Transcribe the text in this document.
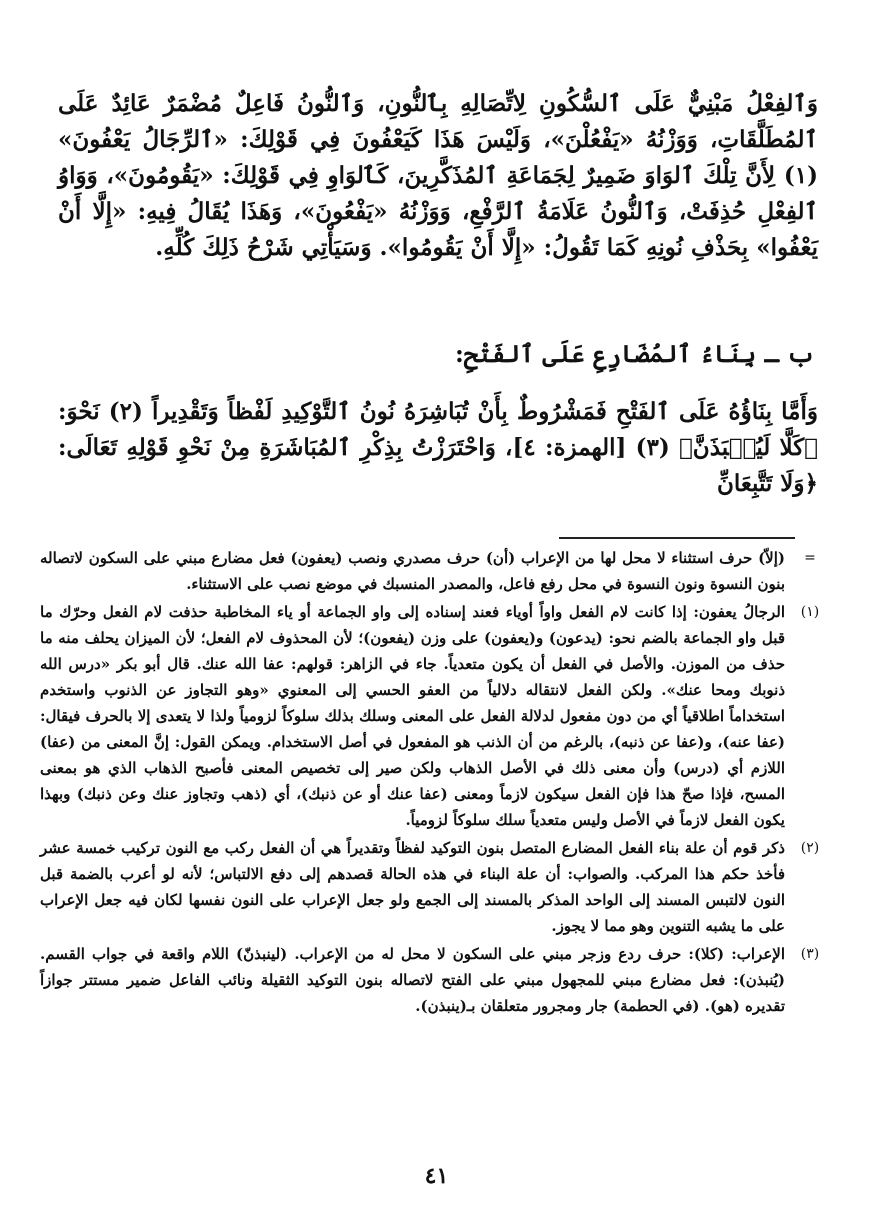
وَٱلفِعْلُ مَبْنِيٌّ عَلَى ٱلسُّكُونِ لِاتِّصَالِهِ بِٱلنُّونِ، وَٱلنُّونُ فَاعِلٌ مُضْمَرٌ عَائِدٌ عَلَى ٱلمُطَلَّقَاتِ، وَوَزْنُهُ «يَفْعُلْنَ»، وَلَيْسَ هَذَا كَيَعْفُونَ فِي قَوْلِكَ: «ٱلرِّجَالُ يَعْفُونَ» (١) لِأَنَّ تِلْكَ ٱلوَاوَ ضَمِيرٌ لِجَمَاعَةِ ٱلمُذَكَّرِينَ، كَٱلوَاوِ فِي قَوْلِكَ: «يَقُومُونَ»، وَوَاوُ ٱلفِعْلِ حُذِفَتْ، وَٱلنُّونُ عَلَامَةُ ٱلرَّفْعِ، وَوَزْنُهُ «يَفْعُونَ»، وَهَذَا يُقَالُ فِيهِ: «إِلَّا أَنْ يَعْفُوا» بِحَذْفِ نُونِهِ كَمَا تَقُولُ: «إِلَّا أَنْ يَقُومُوا». وَسَيَأْتِي شَرْحُ ذَلِكَ كُلِّهِ.

ب ـ بِنَاءُ ٱلمُضَارِعِ عَلَى ٱلفَتْحِ:
وَأَمَّا بِنَاؤُهُ عَلَى ٱلفَتْحِ فَمَشْرُوطٌ بِأَنْ تُبَاشِرَهُ نُونُ ٱلتَّوْكِيدِ لَفْظاً وَتَقْدِيراً (٢) نَحْوَ: ﴿كَلَّا لَيُنۢبَذَنَّ﴾ (٣) [الهمزة: ٤]، وَاحْتَرَزْتُ بِذِكْرِ ٱلمُبَاشَرَةِ مِنْ نَحْوِ قَوْلِهِ تَعَالَى: ﴿وَلَا تَتَّبِعَانِّ
=
(إلاّ) حرف استثناء لا محل لها من الإعراب (أن) حرف مصدري ونصب (يعفون) فعل مضارع مبني على السكون لاتصاله بنون النسوة ونون النسوة في محل رفع فاعل، والمصدر المنسبك في موضع نصب على الاستثناء.
(١)
الرجالُ يعفون: إذا كانت لام الفعل واواً أوياء فعند إسناده إلى واو الجماعة أو ياء المخاطبة حذفت لام الفعل وحرّك ما قبل واو الجماعة بالضم نحو: (يدعون) و(يعفون) على وزن (يفعون)؛ لأن المحذوف لام الفعل؛ لأن الميزان يحلف منه ما حذف من الموزن. والأصل في الفعل أن يكون متعدياً. جاء في الزاهر: قولهم: عفا الله عنك. قال أبو بكر «درس الله ذنوبك ومحا عنك». ولكن الفعل لانتقاله دلالياً من العفو الحسي إلى المعنوي «وهو التجاوز عن الذنوب واستخدم استخداماً اطلاقياً أي من دون مفعول لدلالة الفعل على المعنى وسلك بذلك سلوكاً لزومياً ولذا لا يتعدى إلا بالحرف فيقال: (عفا عنه)، و(عفا عن ذنبه)، بالرغم من أن الذنب هو المفعول في أصل الاستخدام. ويمكن القول: إنَّ المعنى من (عفا) اللازم أي (درس) وأن معنى ذلك في الأصل الذهاب ولكن صير إلى تخصيص المعنى فأصبح الذهاب الذي هو بمعنى المسح، فإذا صحّ هذا فإن الفعل سيكون لازماً ومعنى (عفا عنك أو عن ذنبك)، أي (ذهب وتجاوز عنك وعن ذنبك) وبهذا يكون الفعل لازماً في الأصل وليس متعدياً سلك سلوكاً لزومياً.
(٢)
ذكر قوم أن علة بناء الفعل المضارع المتصل بنون التوكيد لفظاً وتقديراً هي أن الفعل ركب مع النون تركيب خمسة عشر فأخذ حكم هذا المركب. والصواب: أن علة البناء في هذه الحالة قصدهم إلى دفع الالتباس؛ لأنه لو أعرب بالضمة قبل النون لالتبس المسند إلى الواحد المذكر بالمسند إلى الجمع ولو جعل الإعراب على النون نفسها لكان فيه جعل الإعراب على ما يشبه التنوين وهو مما لا يجوز.
(٣)
الإعراب: (كلا): حرف ردع وزجر مبني على السكون لا محل له من الإعراب. (لينبذنّ) اللام واقعة في جواب القسم. (يُنبذن): فعل مضارع مبني للمجهول مبني على الفتح لاتصاله بنون التوكيد الثقيلة ونائب الفاعل ضمير مستتر جوازاً تقديره (هو). (في الحطمة) جار ومجرور متعلقان بـ(ينبذن).
٤١
